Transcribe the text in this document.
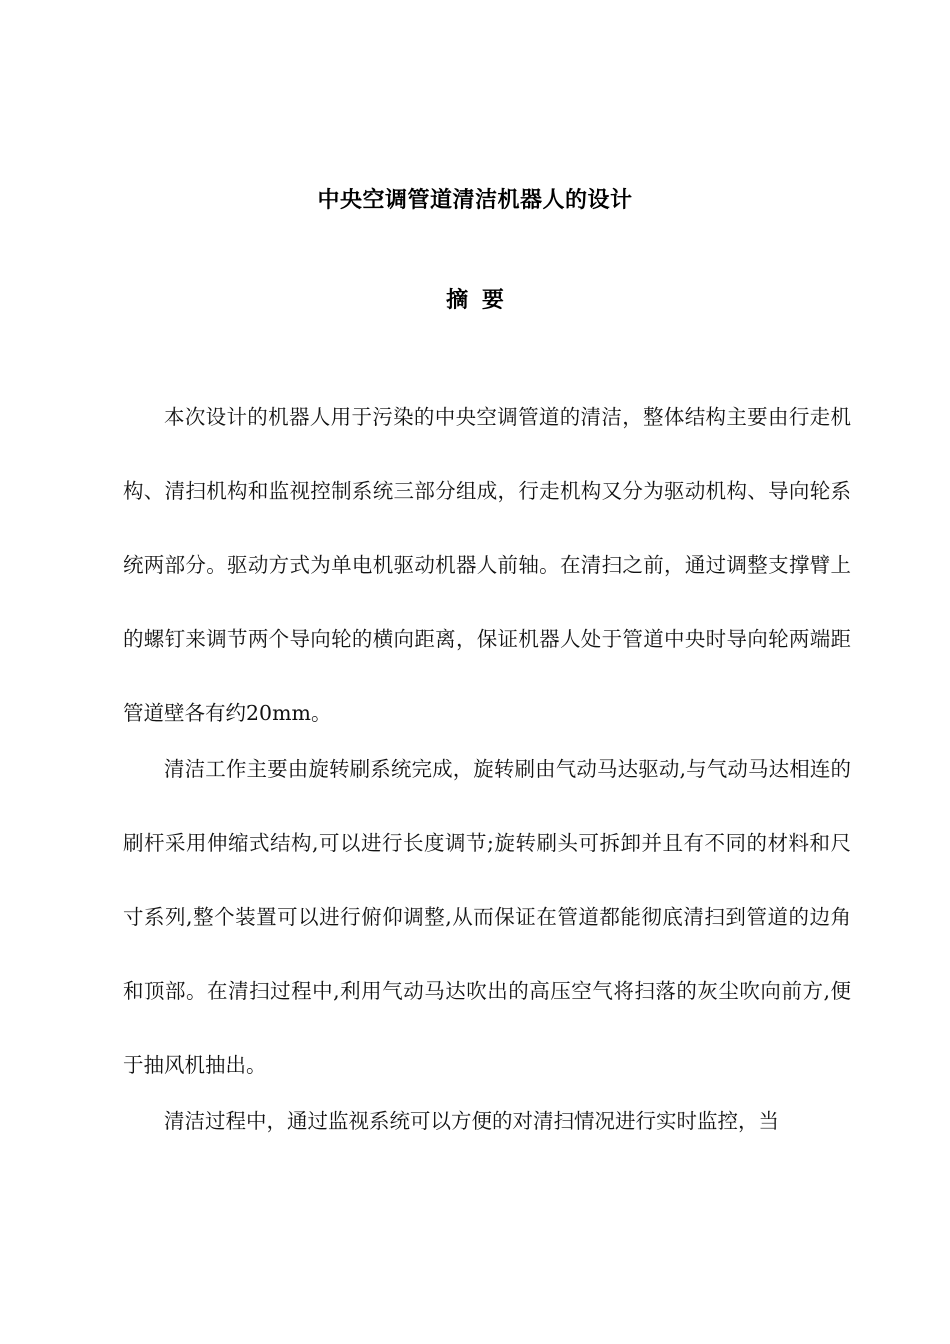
中央空调管道清洁机器人的设计
摘 要

本次设计的机器人用于污染的中央空调管道的清洁，整体结构主要由行走机构、清扫机构和监视控制系统三部分组成，行走机构又分为驱动机构、导向轮系统两部分。驱动方式为单电机驱动机器人前轴。在清扫之前，通过调整支撑臂上的螺钉来调节两个导向轮的横向距离，保证机器人处于管道中央时导向轮两端距管道壁各有约20mm。

清洁工作主要由旋转刷系统完成，旋转刷由气动马达驱动,与气动马达相连的刷杆采用伸缩式结构,可以进行长度调节;旋转刷头可拆卸并且有不同的材料和尺寸系列,整个装置可以进行俯仰调整,从而保证在管道都能彻底清扫到管道的边角和顶部。在清扫过程中,利用气动马达吹出的高压空气将扫落的灰尘吹向前方,便于抽风机抽出。

清洁过程中，通过监视系统可以方便的对清扫情况进行实时监控，当
